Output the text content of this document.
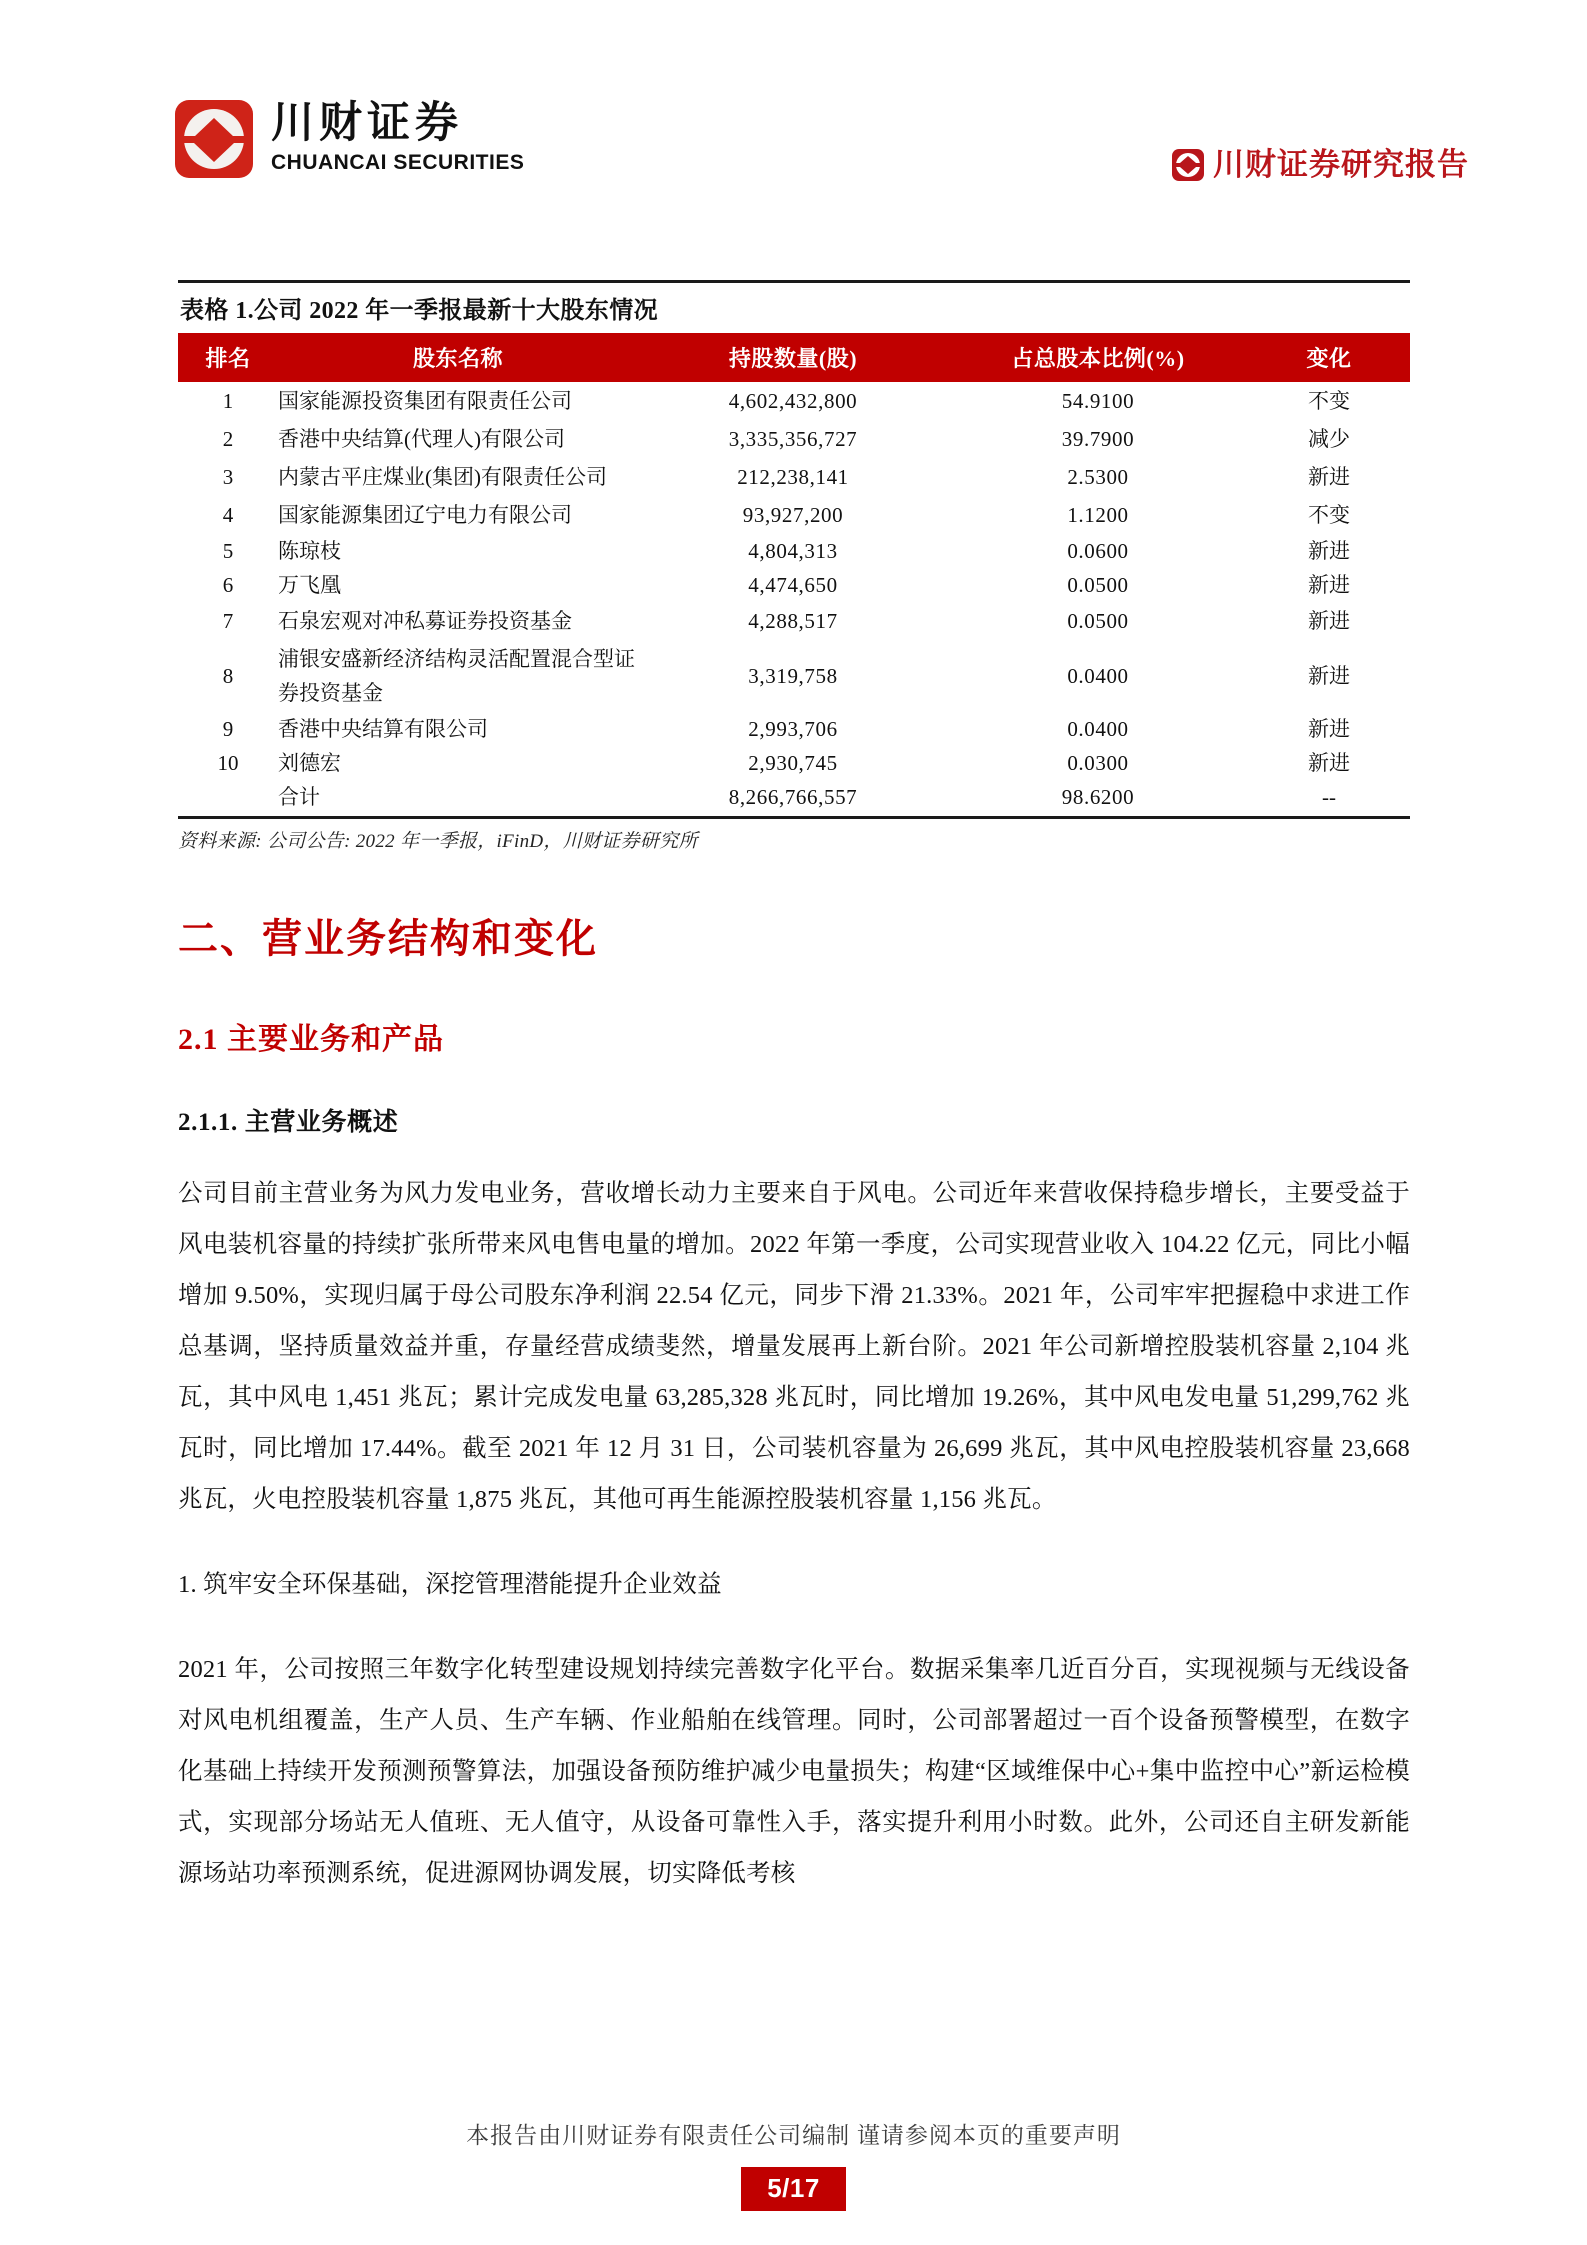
川财证券
CHUANCAI SECURITIES	川财证券研究报告
表格 1.公司 2022 年一季报最新十大股东情况
排名	股东名称	持股数量(股)	占总股本比例(%)	变化
1	国家能源投资集团有限责任公司	4,602,432,800	54.9100	不变
2	香港中央结算(代理人)有限公司	3,335,356,727	39.7900	减少
3	内蒙古平庄煤业(集团)有限责任公司	212,238,141	2.5300	新进
4	国家能源集团辽宁电力有限公司	93,927,200	1.1200	不变
5	陈琼枝	4,804,313	0.0600	新进
6	万飞凰	4,474,650	0.0500	新进
7	石泉宏观对冲私募证券投资基金	4,288,517	0.0500	新进
8	浦银安盛新经济结构灵活配置混合型证券投资基金	3,319,758	0.0400	新进
9	香港中央结算有限公司	2,993,706	0.0400	新进
10	刘德宏	2,930,745	0.0300	新进
	合计	8,266,766,557	98.6200	--
资料来源: 公司公告: 2022 年一季报，iFinD，川财证券研究所
二、营业务结构和变化
2.1 主要业务和产品
2.1.1. 主营业务概述

公司目前主营业务为风力发电业务，营收增长动力主要来自于风电。公司近年来营收保持稳步增长，主要受益于风电装机容量的持续扩张所带来风电售电量的增加。2022 年第一季度，公司实现营业收入 104.22 亿元，同比小幅增加 9.50%，实现归属于母公司股东净利润 22.54 亿元，同步下滑 21.33%。2021 年，公司牢牢把握稳中求进工作总基调，坚持质量效益并重，存量经营成绩斐然，增量发展再上新台阶。2021 年公司新增控股装机容量 2,104 兆瓦，其中风电 1,451 兆瓦；累计完成发电量 63,285,328 兆瓦时，同比增加 19.26%，其中风电发电量 51,299,762 兆瓦时，同比增加 17.44%。截至 2021 年 12 月 31 日，公司装机容量为 26,699 兆瓦，其中风电控股装机容量 23,668 兆瓦，火电控股装机容量 1,875 兆瓦，其他可再生能源控股装机容量 1,156 兆瓦。

1. 筑牢安全环保基础，深挖管理潜能提升企业效益

2021 年，公司按照三年数字化转型建设规划持续完善数字化平台。数据采集率几近百分百，实现视频与无线设备对风电机组覆盖，生产人员、生产车辆、作业船舶在线管理。同时，公司部署超过一百个设备预警模型，在数字化基础上持续开发预测预警算法，加强设备预防维护减少电量损失；构建“区域维保中心+集中监控中心”新运检模式，实现部分场站无人值班、无人值守，从设备可靠性入手，落实提升利用小时数。此外，公司还自主研发新能源场站功率预测系统，促进源网协调发展，切实降低考核

本报告由川财证券有限责任公司编制 谨请参阅本页的重要声明
5/17
